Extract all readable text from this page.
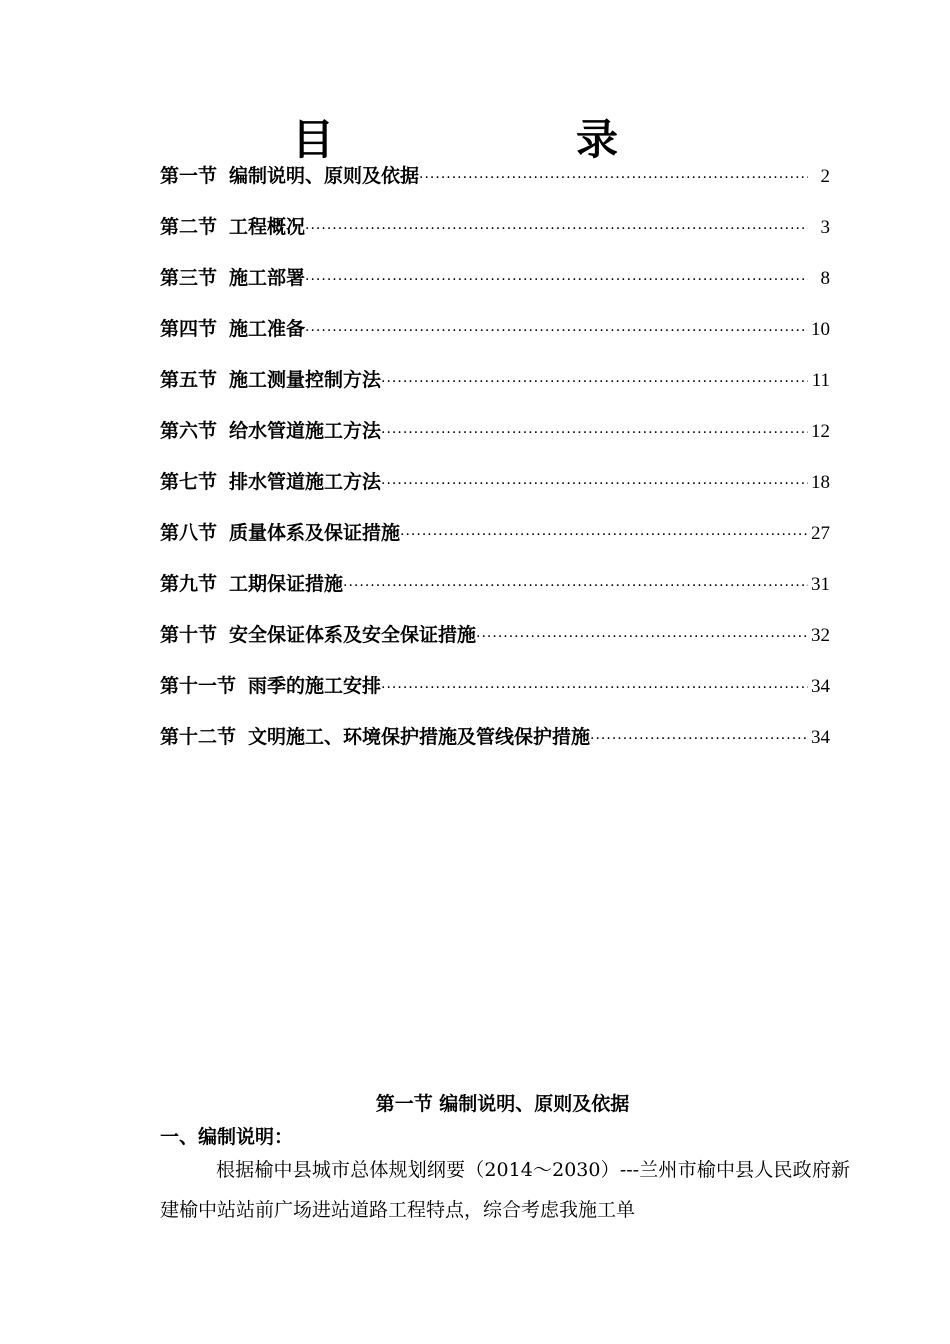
目　录
第一节 编制说明、原则及依据 ·····	2
第二节 工程概况 ·····	3
第三节 施工部署 ·····	8
第四节 施工准备 ·····	10
第五节 施工测量控制方法 ·····	11
第六节 给水管道施工方法 ·····	12
第七节 排水管道施工方法 ·····	18
第八节 质量体系及保证措施 ·····	27
第九节 工期保证措施 ·····	31
第十节 安全保证体系及安全保证措施 ·····	32
第十一节 雨季的施工安排 ·····	34
第十二节 文明施工、环境保护措施及管线保护措施 ·····	34
第一节 编制说明、原则及依据
一、编制说明：

根据榆中县城市总体规划纲要（2014～2030）---兰州市榆中县人民政府新建榆中站站前广场进站道路工程特点，综合考虑我施工单
